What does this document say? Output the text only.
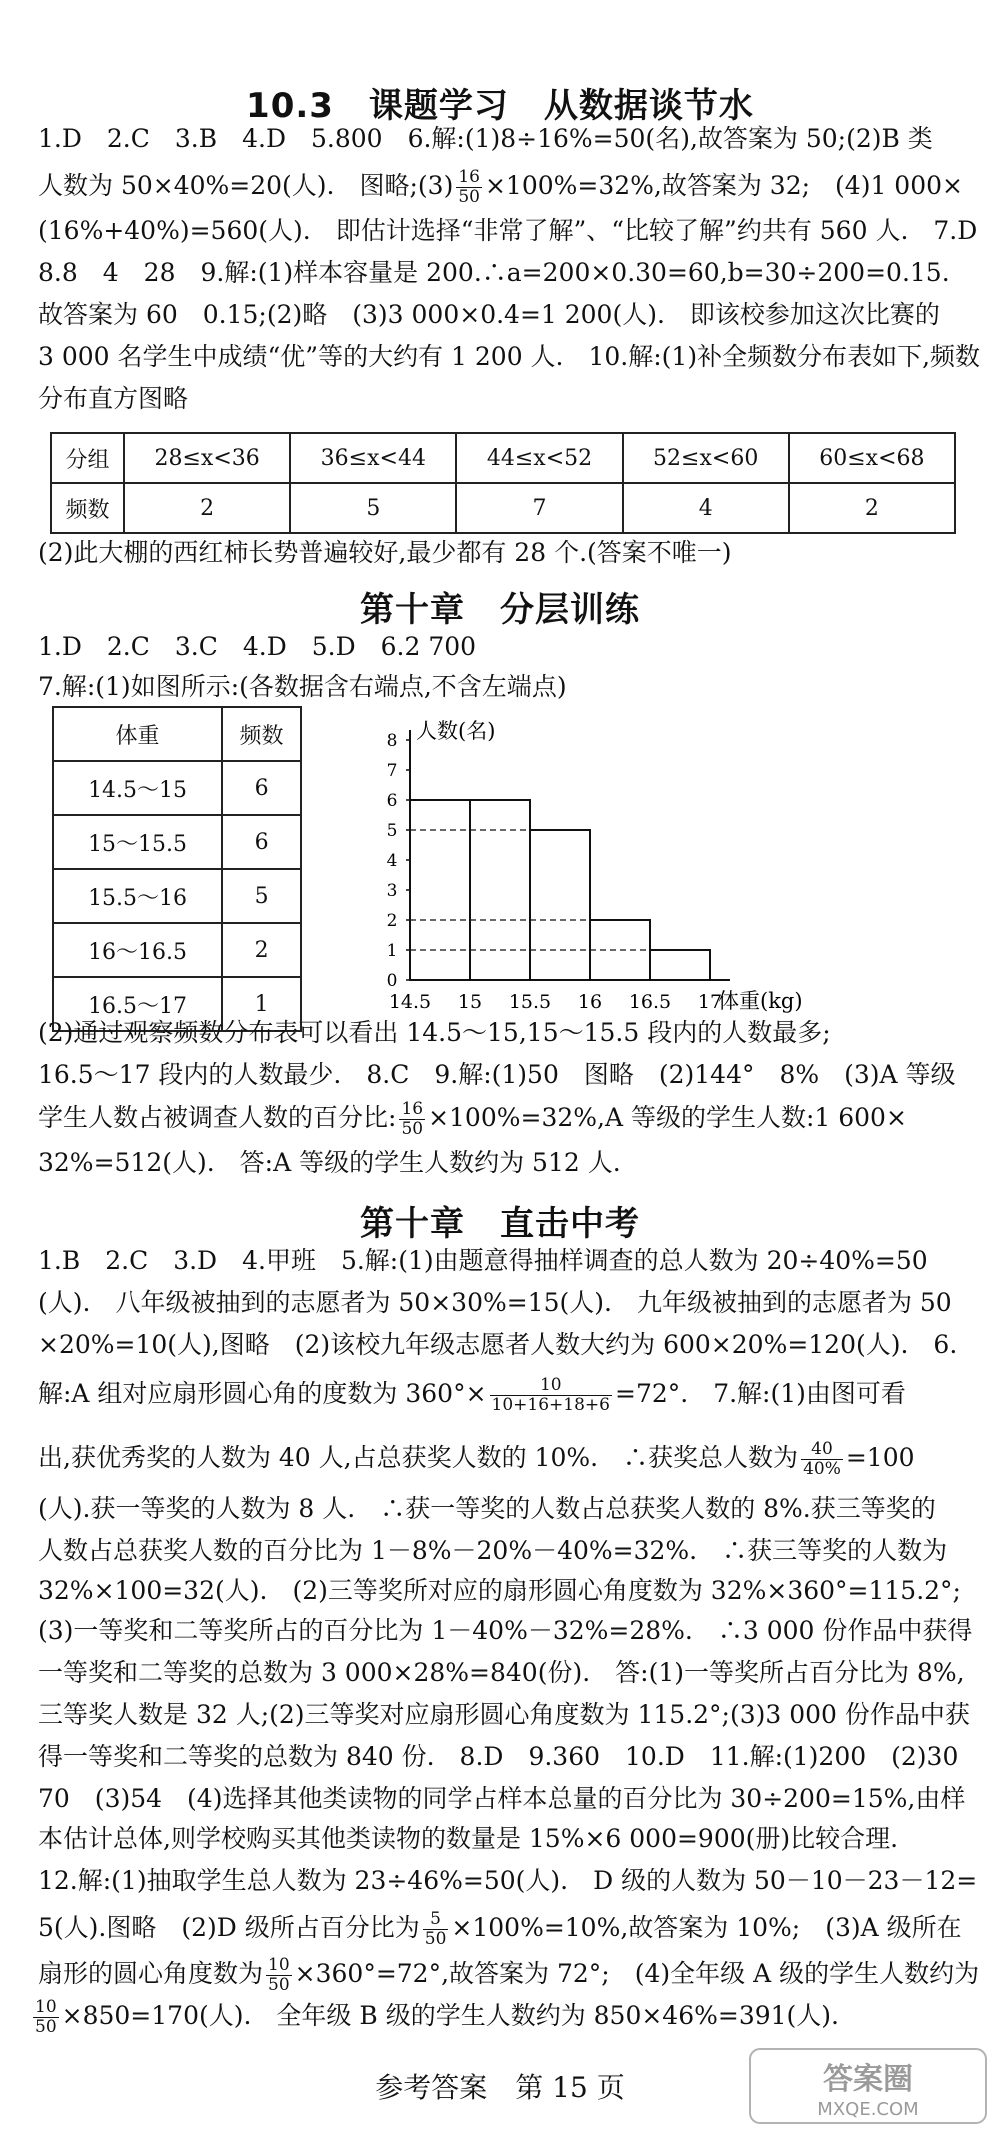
10.3　课题学习　从数据谈节水
1.D　2.C　3.B　4.D　5.800　6.解:(1)8÷16%=50(名),故答案为 50;(2)B 类
人数为 50×40%=20(人).　图略;(3) $\frac{16}{50} \times 100\%=32\%$,故答案为 32;　(4)1 000×
(16%+40%)=560(人).　即估计选择“非常了解”、“比较了解”约共有 560 人.　7.D
8.8　4　28　9.解:(1)样本容量是 200.∴a=200×0.30=60,b=30÷200=0.15.
故答案为 60　0.15;(2)略　(3)3 000×0.4=1 200(人).　即该校参加这次比赛的
3 000 名学生中成绩“优”等的大约有 1 200 人.　10.解:(1)补全频数分布表如下,频数
分布直方图略
分组	28≤x<36	36≤x<44	44≤x<52	52≤x<60	60≤x<68
频数	2	5	7	4	2
(2)此大棚的西红柿长势普遍较好,最少都有 28 个.(答案不唯一)
第十章　分层训练
1.D　2.C　3.C　4.D　5.D　6.2 700
7.解:(1)如图所示:(各数据含右端点,不含左端点)
体重	频数
14.5～15	6
15～15.5	6
15.5～16	5
16～16.5	2
16.5～17	1
0
1
2
3
4
5
6
7
8
14.5 15 15.5 16 16.5 17
人数(名)
体重(kg)
(2)通过观察频数分布表可以看出 14.5～15,15～15.5 段内的人数最多;
16.5～17 段内的人数最少.　8.C　9.解:(1)50　图略　(2)144°　8%　(3)A 等级
学生人数占被调查人数的百分比: $\frac{16}{50} \times 100\%=32\%,A$ 等级的学生人数:1 600×
32%=512(人).　答:A 等级的学生人数约为 512 人.
第十章　直击中考
1.B　2.C　3.D　4.甲班　5.解:(1)由题意得抽样调查的总人数为 20÷40%=50
(人).　八年级被抽到的志愿者为 50×30%=15(人).　九年级被抽到的志愿者为 50
×20%=10(人),图略　(2)该校九年级志愿者人数大约为 600×20%=120(人).　6.
解:A 组对应扇形圆心角的度数为 $360^\circ\times \frac{10}{10+16+18+6} =72^\circ$.　7.解:(1)由图可看
出,获优秀奖的人数为 40 人,占总获奖人数的 10%.　∴获奖总人数为 $\frac{40}{40\%} =100$
(人).获一等奖的人数为 8 人.　∴获一等奖的人数占总获奖人数的 8%.获三等奖的
人数占总获奖人数的百分比为 1－8%－20%－40%=32%.　∴获三等奖的人数为
32%×100=32(人).　(2)三等奖所对应的扇形圆心角度数为 32%×360°=115.2°;
(3)一等奖和二等奖所占的百分比为 1－40%－32%=28%.　∴3 000 份作品中获得
一等奖和二等奖的总数为 3 000×28%=840(份).　答:(1)一等奖所占百分比为 8%,
三等奖人数是 32 人;(2)三等奖对应扇形圆心角度数为 115.2°;(3)3 000 份作品中获
得一等奖和二等奖的总数为 840 份.　8.D　9.360　10.D　11.解:(1)200　(2)30
70　(3)54　(4)选择其他类读物的同学占样本总量的百分比为 30÷200=15%,由样
本估计总体,则学校购买其他类读物的数量是 15%×6 000=900(册)比较合理.
12.解:(1)抽取学生总人数为 23÷46%=50(人).　D 级的人数为 50－10－23－12=
5(人).图略　(2)D 级所占百分比为 $\frac{5}{50} \times 100\%=10\%$,故答案为 10%;　(3)A 级所在
扇形的圆心角度数为 $\frac{10}{50} \times 360^\circ=72^\circ$,故答案为 72°;　(4)全年级 A 级的学生人数约为
$\frac{10}{50} \times 850=170$(人).　全年级 B 级的学生人数约为 850×46%=391(人).
参考答案　第 15 页	答案圈
MXQE.COM
